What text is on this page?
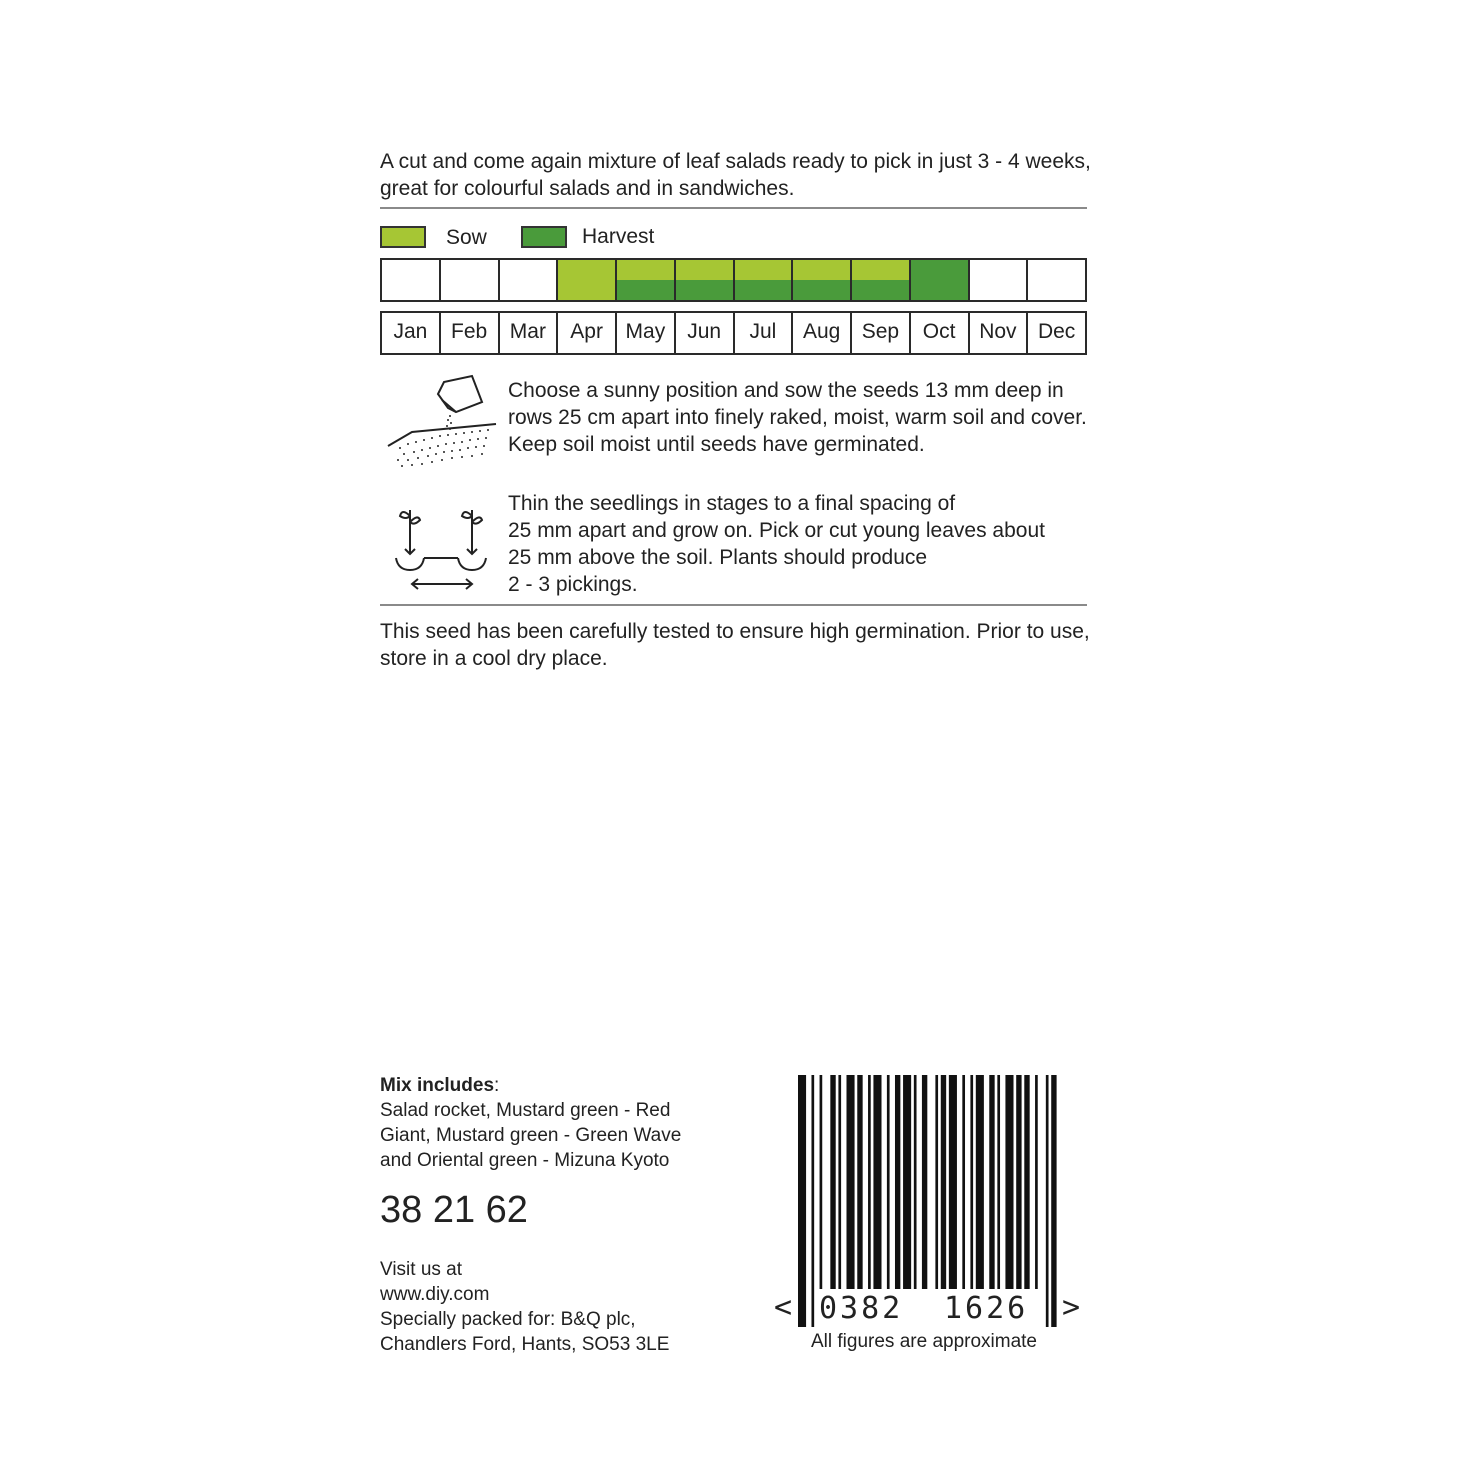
A cut and come again mixture of leaf salads ready to pick in just 3 - 4 weeks, great for colourful salads and in sandwiches.
Sow	Harvest
Jan	Feb	Mar	Apr	May	Jun	Jul	Aug	Sep	Oct	Nov	Dec
Choose a sunny position and sow the seeds 13 mm deep in rows 25 cm apart into finely raked, moist, warm soil and cover. Keep soil moist until seeds have germinated.
Thin the seedlings in stages to a final spacing of
25 mm apart and grow on. Pick or cut young leaves about
25 mm above the soil. Plants should produce
2 - 3 pickings.
This seed has been carefully tested to ensure high germination. Prior to use, store in a cool dry place.
Mix includes:
Salad rocket, Mustard green - Red
Giant, Mustard green - Green Wave
and Oriental green - Mizuna Kyoto
38 21 62
Visit us at
www.diy.com
Specially packed for: B&Q plc,
Chandlers Ford, Hants, SO53 3LE
< 0382 1626 >
All figures are approximate
